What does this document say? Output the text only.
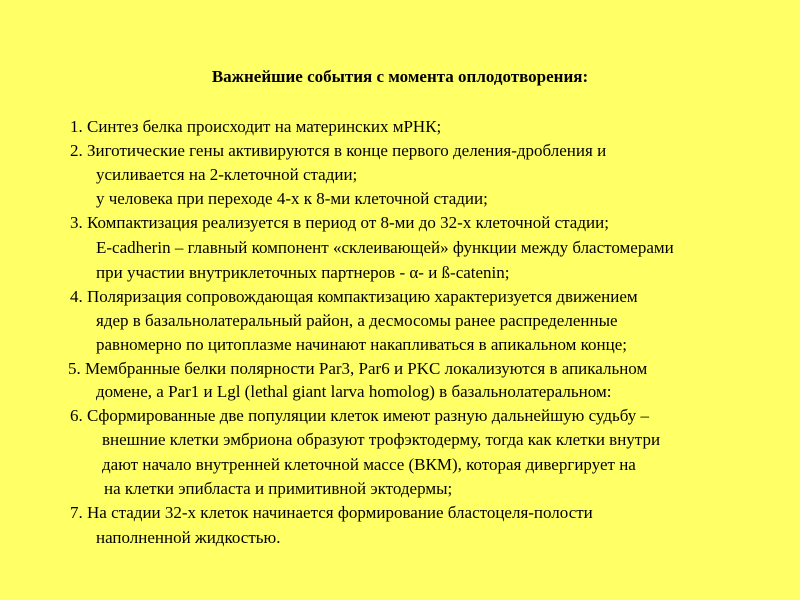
Важнейшие события с момента оплодотворения:
1. Синтез белка происходит на материнских мРНК;
2. Зиготические гены активируются в конце первого деления-дробления и
усиливается на 2-клеточной стадии;
у человека при переходе 4-х к 8-ми клеточной стадии;
3. Компактизация реализуется в период от 8-ми до 32-х клеточной стадии;
E-cadherin – главный компонент «склеивающей» функции между бластомерами
при участии внутриклеточных партнеров - α- и ß-catenin;
4. Поляризация сопровождающая компактизацию характеризуется движением
ядер в базальнолатеральный район, а десмосомы ранее распределенные
равномерно по цитоплазме начинают накапливаться в апикальном конце;
5. Мембранные белки полярности Par3, Par6 и PKC локализуются в апикальном
домене, а Par1 и Lgl (lethal giant larva homolog) в базальнолатеральном:
6. Сформированные две популяции клеток имеют разную дальнейшую судьбу –
внешние клетки эмбриона образуют трофэктодерму, тогда как клетки внутри
дают начало внутренней клеточной массе (ВКМ), которая дивергирует на
на клетки эпибласта и примитивной эктодермы;
7. На стадии 32-х клеток начинается формирование бластоцеля-полости
наполненной жидкостью.
